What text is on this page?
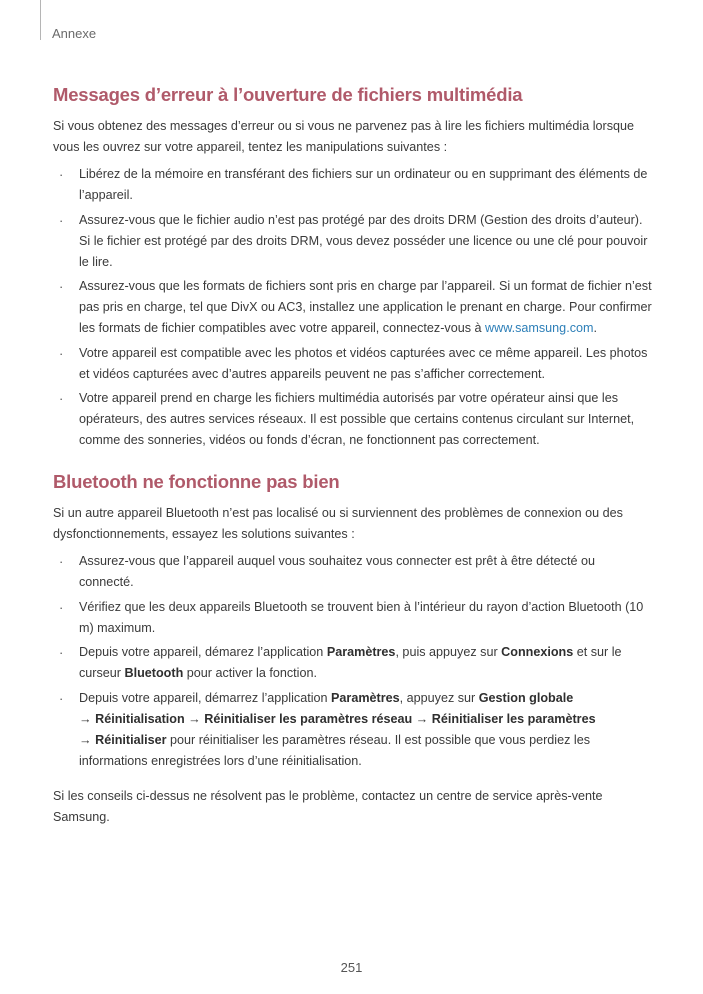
Annexe
Messages d’erreur à l’ouverture de fichiers multimédia

Si vous obtenez des messages d’erreur ou si vous ne parvenez pas à lire les fichiers multimédia lorsque vous les ouvrez sur votre appareil, tentez les manipulations suivantes :

· Libérez de la mémoire en transférant des fichiers sur un ordinateur ou en supprimant des éléments de l’appareil.
· Assurez-vous que le fichier audio n’est pas protégé par des droits DRM (Gestion des droits d’auteur). Si le fichier est protégé par des droits DRM, vous devez posséder une licence ou une clé pour pouvoir le lire.
· Assurez-vous que les formats de fichiers sont pris en charge par l’appareil. Si un format de fichier n’est pas pris en charge, tel que DivX ou AC3, installez une application le prenant en charge. Pour confirmer les formats de fichier compatibles avec votre appareil, connectez-vous à www.samsung.com.
· Votre appareil est compatible avec les photos et vidéos capturées avec ce même appareil. Les photos et vidéos capturées avec d’autres appareils peuvent ne pas s’afficher correctement.
· Votre appareil prend en charge les fichiers multimédia autorisés par votre opérateur ainsi que les opérateurs, des autres services réseaux. Il est possible que certains contenus circulant sur Internet, comme des sonneries, vidéos ou fonds d’écran, ne fonctionnent pas correctement.
Bluetooth ne fonctionne pas bien

Si un autre appareil Bluetooth n’est pas localisé ou si surviennent des problèmes de connexion ou des dysfonctionnements, essayez les solutions suivantes :

· Assurez-vous que l’appareil auquel vous souhaitez vous connecter est prêt à être détecté ou connecté.
· Vérifiez que les deux appareils Bluetooth se trouvent bien à l’intérieur du rayon d’action Bluetooth (10 m) maximum.
· Depuis votre appareil, démarez l’application Paramètres, puis appuyez sur Connexions et sur le curseur Bluetooth pour activer la fonction.
· Depuis votre appareil, démarrez l’application Paramètres, appuyez sur Gestion globale
→ Réinitialisation → Réinitialiser les paramètres réseau → Réinitialiser les paramètres
→ Réinitialiser pour réinitialiser les paramètres réseau. Il est possible que vous perdiez les informations enregistrées lors d’une réinitialisation.

Si les conseils ci-dessus ne résolvent pas le problème, contactez un centre de service après-vente Samsung.

251
